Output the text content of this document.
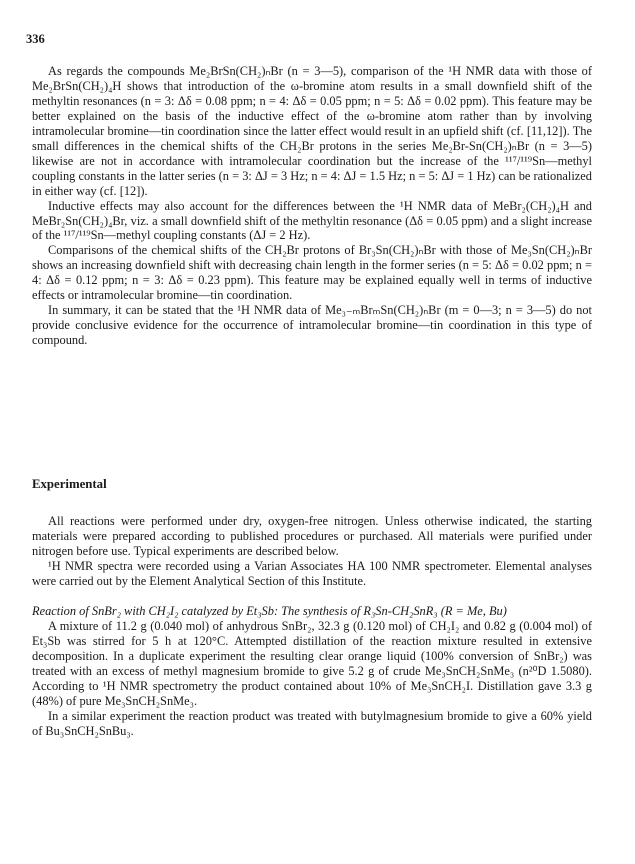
336

As regards the compounds Me₂BrSn(CH₂)ₙBr (n = 3—5), comparison of the ¹H NMR data with those of Me₂BrSn(CH₂)₄H shows that introduction of the ω-bromine atom results in a small downfield shift of the methyltin resonances (n = 3: Δδ = 0.08 ppm; n = 4: Δδ = 0.05 ppm; n = 5: Δδ = 0.02 ppm). This feature may be better explained on the basis of the inductive effect of the ω-bromine atom rather than by involving intramolecular bromine—tin coordination since the latter effect would result in an upfield shift (cf. [11,12]). The small differences in the chemical shifts of the CH₂Br protons in the series Me₂Br-Sn(CH₂)ₙBr (n = 3—5) likewise are not in accordance with intramolecular coordination but the increase of the ¹¹⁷/¹¹⁹Sn—methyl coupling constants in the latter series (n = 3: ΔJ = 3 Hz; n = 4: ΔJ = 1.5 Hz; n = 5: ΔJ = 1 Hz) can be rationalized in either way (cf. [12]).

Inductive effects may also account for the differences between the ¹H NMR data of MeBr₂(CH₂)₄H and MeBr₂Sn(CH₂)₄Br, viz. a small downfield shift of the methyltin resonance (Δδ = 0.05 ppm) and a slight increase of the ¹¹⁷/¹¹⁹Sn—methyl coupling constants (ΔJ = 2 Hz).

Comparisons of the chemical shifts of the CH₂Br protons of Br₃Sn(CH₂)ₙBr with those of Me₃Sn(CH₂)ₙBr shows an increasing downfield shift with decreasing chain length in the former series (n = 5: Δδ = 0.02 ppm; n = 4: Δδ = 0.12 ppm; n = 3: Δδ = 0.23 ppm). This feature may be explained equally well in terms of inductive effects or intramolecular bromine—tin coordination.

In summary, it can be stated that the ¹H NMR data of Me₃₋ₘBrₘSn(CH₂)ₙBr (m = 0—3; n = 3—5) do not provide conclusive evidence for the occurrence of intramolecular bromine—tin coordination in this type of compound.

Experimental

All reactions were performed under dry, oxygen-free nitrogen. Unless otherwise indicated, the starting materials were prepared according to published procedures or purchased. All materials were purified under nitrogen before use. Typical experiments are described below.

¹H NMR spectra were recorded using a Varian Associates HA 100 NMR spectrometer. Elemental analyses were carried out by the Element Analytical Section of this Institute.

Reaction of SnBr₂ with CH₂I₂ catalyzed by Et₃Sb: The synthesis of R₃Sn-CH₂SnR₃ (R = Me, Bu)

A mixture of 11.2 g (0.040 mol) of anhydrous SnBr₂, 32.3 g (0.120 mol) of CH₂I₂ and 0.82 g (0.004 mol) of Et₃Sb was stirred for 5 h at 120°C. Attempted distillation of the reaction mixture resulted in extensive decomposition. In a duplicate experiment the resulting clear orange liquid (100% conversion of SnBr₂) was treated with an excess of methyl magnesium bromide to give 5.2 g of crude Me₃SnCH₂SnMe₃ (n²⁰D 1.5080). According to ¹H NMR spectrometry the product contained about 10% of Me₃SnCH₂I. Distillation gave 3.3 g (48%) of pure Me₃SnCH₂SnMe₃.

In a similar experiment the reaction product was treated with butylmagnesium bromide to give a 60% yield of Bu₃SnCH₂SnBu₃.
